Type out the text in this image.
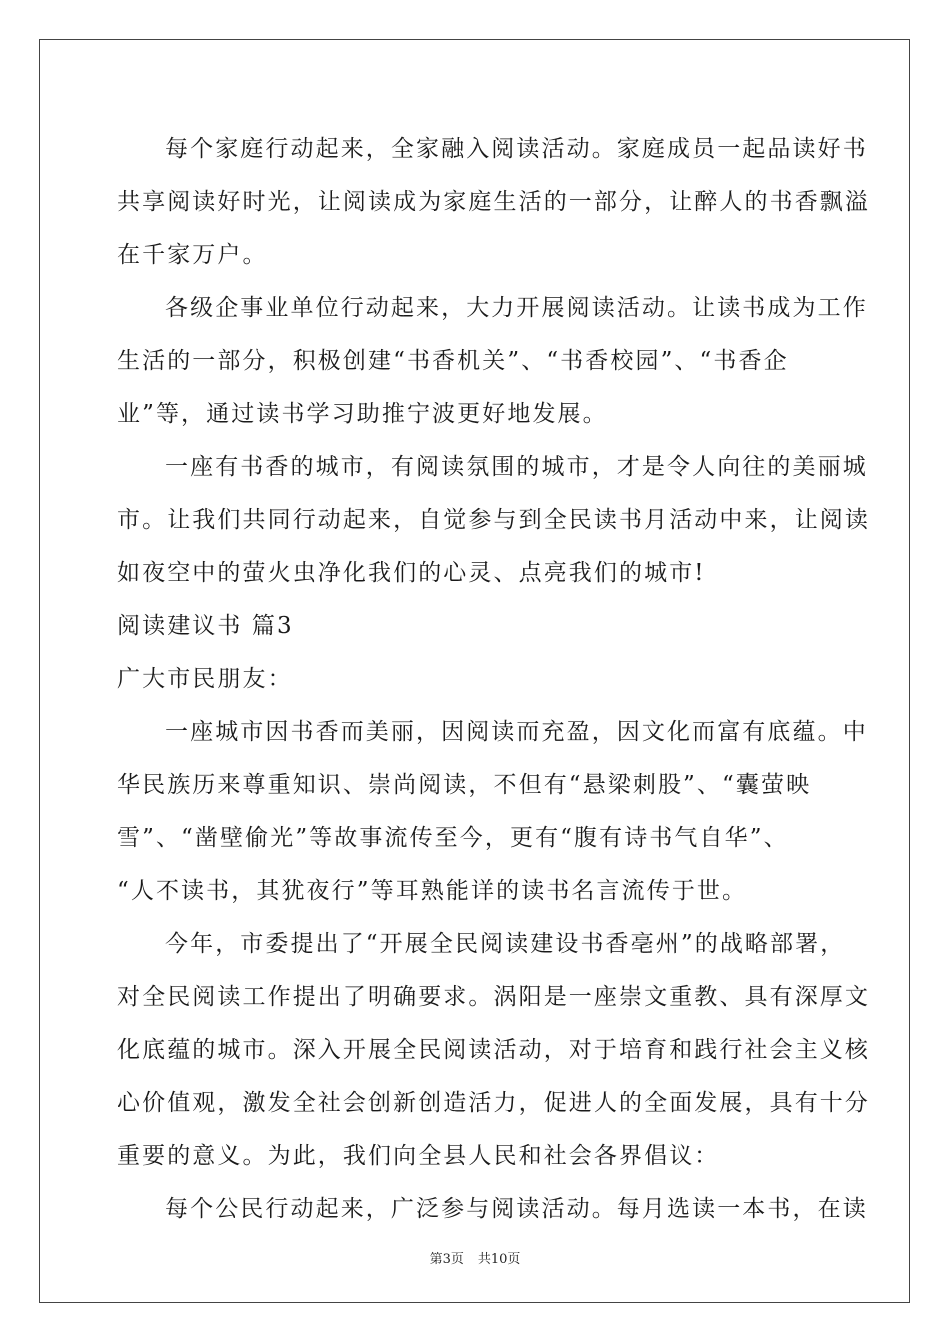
每个家庭行动起来，全家融入阅读活动。家庭成员一起品读好书
共享阅读好时光，让阅读成为家庭生活的一部分，让醉人的书香飘溢
在千家万户。
各级企事业单位行动起来，大力开展阅读活动。让读书成为工作
生活的一部分，积极创建“书香机关”、“书香校园”、“书香企
业”等，通过读书学习助推宁波更好地发展。
一座有书香的城市，有阅读氛围的城市，才是令人向往的美丽城
市。让我们共同行动起来，自觉参与到全民读书月活动中来，让阅读
如夜空中的萤火虫净化我们的心灵、点亮我们的城市!
阅读建议书 篇3
广大市民朋友：
一座城市因书香而美丽，因阅读而充盈，因文化而富有底蕴。中
华民族历来尊重知识、崇尚阅读，不但有“悬梁刺股”、“囊萤映
雪”、“凿壁偷光”等故事流传至今，更有“腹有诗书气自华”、
“人不读书，其犹夜行”等耳熟能详的读书名言流传于世。
今年，市委提出了“开展全民阅读建设书香亳州”的战略部署，
对全民阅读工作提出了明确要求。涡阳是一座崇文重教、具有深厚文
化底蕴的城市。深入开展全民阅读活动，对于培育和践行社会主义核
心价值观，激发全社会创新创造活力，促进人的全面发展，具有十分
重要的意义。为此，我们向全县人民和社会各界倡议：
每个公民行动起来，广泛参与阅读活动。每月选读一本书，在读
第3页 共10页
